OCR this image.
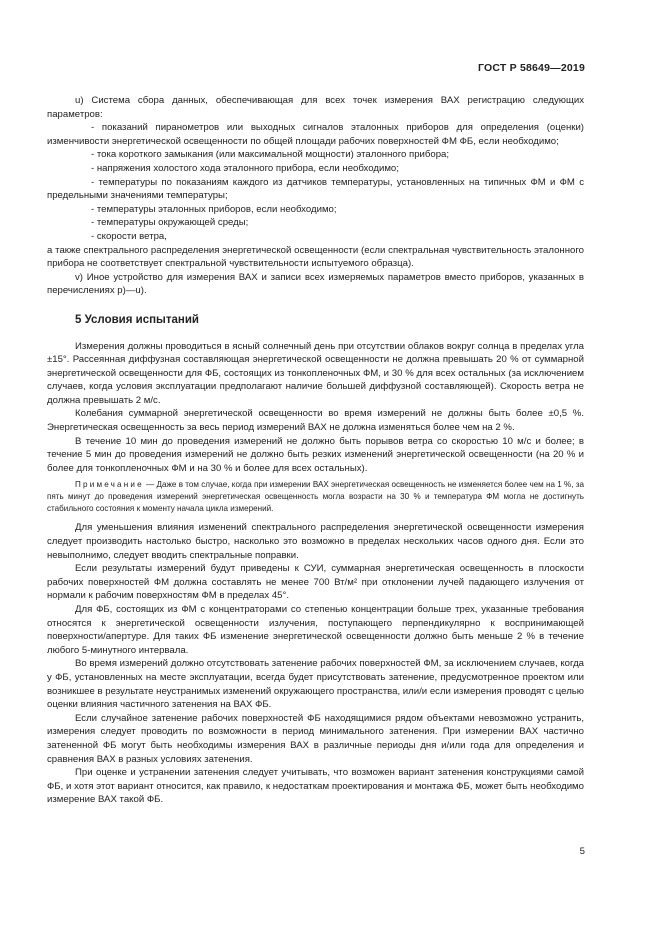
ГОСТ Р 58649—2019

u) Система сбора данных, обеспечивающая для всех точек измерения ВАХ регистрацию следующих параметров:

- показаний пиранометров или выходных сигналов эталонных приборов для определения (оценки) изменчивости энергетической освещенности по общей площади рабочих поверхностей ФМ ФБ, если необходимо;

- тока короткого замыкания (или максимальной мощности) эталонного прибора;

- напряжения холостого хода эталонного прибора, если необходимо;

- температуры по показаниям каждого из датчиков температуры, установленных на типичных ФМ и ФМ с предельными значениями температуры;

- температуры эталонных приборов, если необходимо;

- температуры окружающей среды;

- скорости ветра,

а также спектрального распределения энергетической освещенности (если спектральная чувствительность эталонного прибора не соответствует спектральной чувствительности испытуемого образца).

v) Иное устройство для измерения ВАХ и записи всех измеряемых параметров вместо приборов, указанных в перечислениях р)—u).

5 Условия испытаний

Измерения должны проводиться в ясный солнечный день при отсутствии облаков вокруг солнца в пределах угла ±15°. Рассеянная диффузная составляющая энергетической освещенности не должна превышать 20 % от суммарной энергетической освещенности для ФБ, состоящих из тонкопленочных ФМ, и 30 % для всех остальных (за исключением случаев, когда условия эксплуатации предполагают наличие большей диффузной составляющей). Скорость ветра не должна превышать 2 м/с.

Колебания суммарной энергетической освещенности во время измерений не должны быть более ±0,5 %. Энергетическая освещенность за весь период измерений ВАХ не должна изменяться более чем на 2 %.

В течение 10 мин до проведения измерений не должно быть порывов ветра со скоростью 10 м/с и более; в течение 5 мин до проведения измерений не должно быть резких изменений энергетической освещенности (на 20 % и более для тонкопленочных ФМ и на 30 % и более для всех остальных).

Примечание — Даже в том случае, когда при измерении ВАХ энергетическая освещенность не изменяется более чем на 1 %, за пять минут до проведения измерений энергетическая освещенность могла возрасти на 30 % и температура ФМ могла не достигнуть стабильного состояния к моменту начала цикла измерений.

Для уменьшения влияния изменений спектрального распределения энергетической освещенности измерения следует производить настолько быстро, насколько это возможно в пределах нескольких часов одного дня. Если это невыполнимо, следует вводить спектральные поправки.

Если результаты измерений будут приведены к СУИ, суммарная энергетическая освещенность в плоскости рабочих поверхностей ФМ должна составлять не менее 700 Вт/м² при отклонении лучей падающего излучения от нормали к рабочим поверхностям ФМ в пределах 45°.

Для ФБ, состоящих из ФМ с концентраторами со степенью концентрации больше трех, указанные требования относятся к энергетической освещенности излучения, поступающего перпендикулярно к воспринимающей поверхности/апертуре. Для таких ФБ изменение энергетической освещенности должно быть меньше 2 % в течение любого 5-минутного интервала.

Во время измерений должно отсутствовать затенение рабочих поверхностей ФМ, за исключением случаев, когда у ФБ, установленных на месте эксплуатации, всегда будет присутствовать затенение, предусмотренное проектом или возникшее в результате неустранимых изменений окружающего пространства, или/и если измерения проводят с целью оценки влияния частичного затенения на ВАХ ФБ.

Если случайное затенение рабочих поверхностей ФБ находящимися рядом объектами невозможно устранить, измерения следует проводить по возможности в период минимального затенения. При измерении ВАХ частично затененной ФБ могут быть необходимы измерения ВАХ в различные периоды дня и/или года для определения и сравнения ВАХ в разных условиях затенения.

При оценке и устранении затенения следует учитывать, что возможен вариант затенения конструкциями самой ФБ, и хотя этот вариант относится, как правило, к недостаткам проектирования и монтажа ФБ, может быть необходимо измерение ВАХ такой ФБ.

5
